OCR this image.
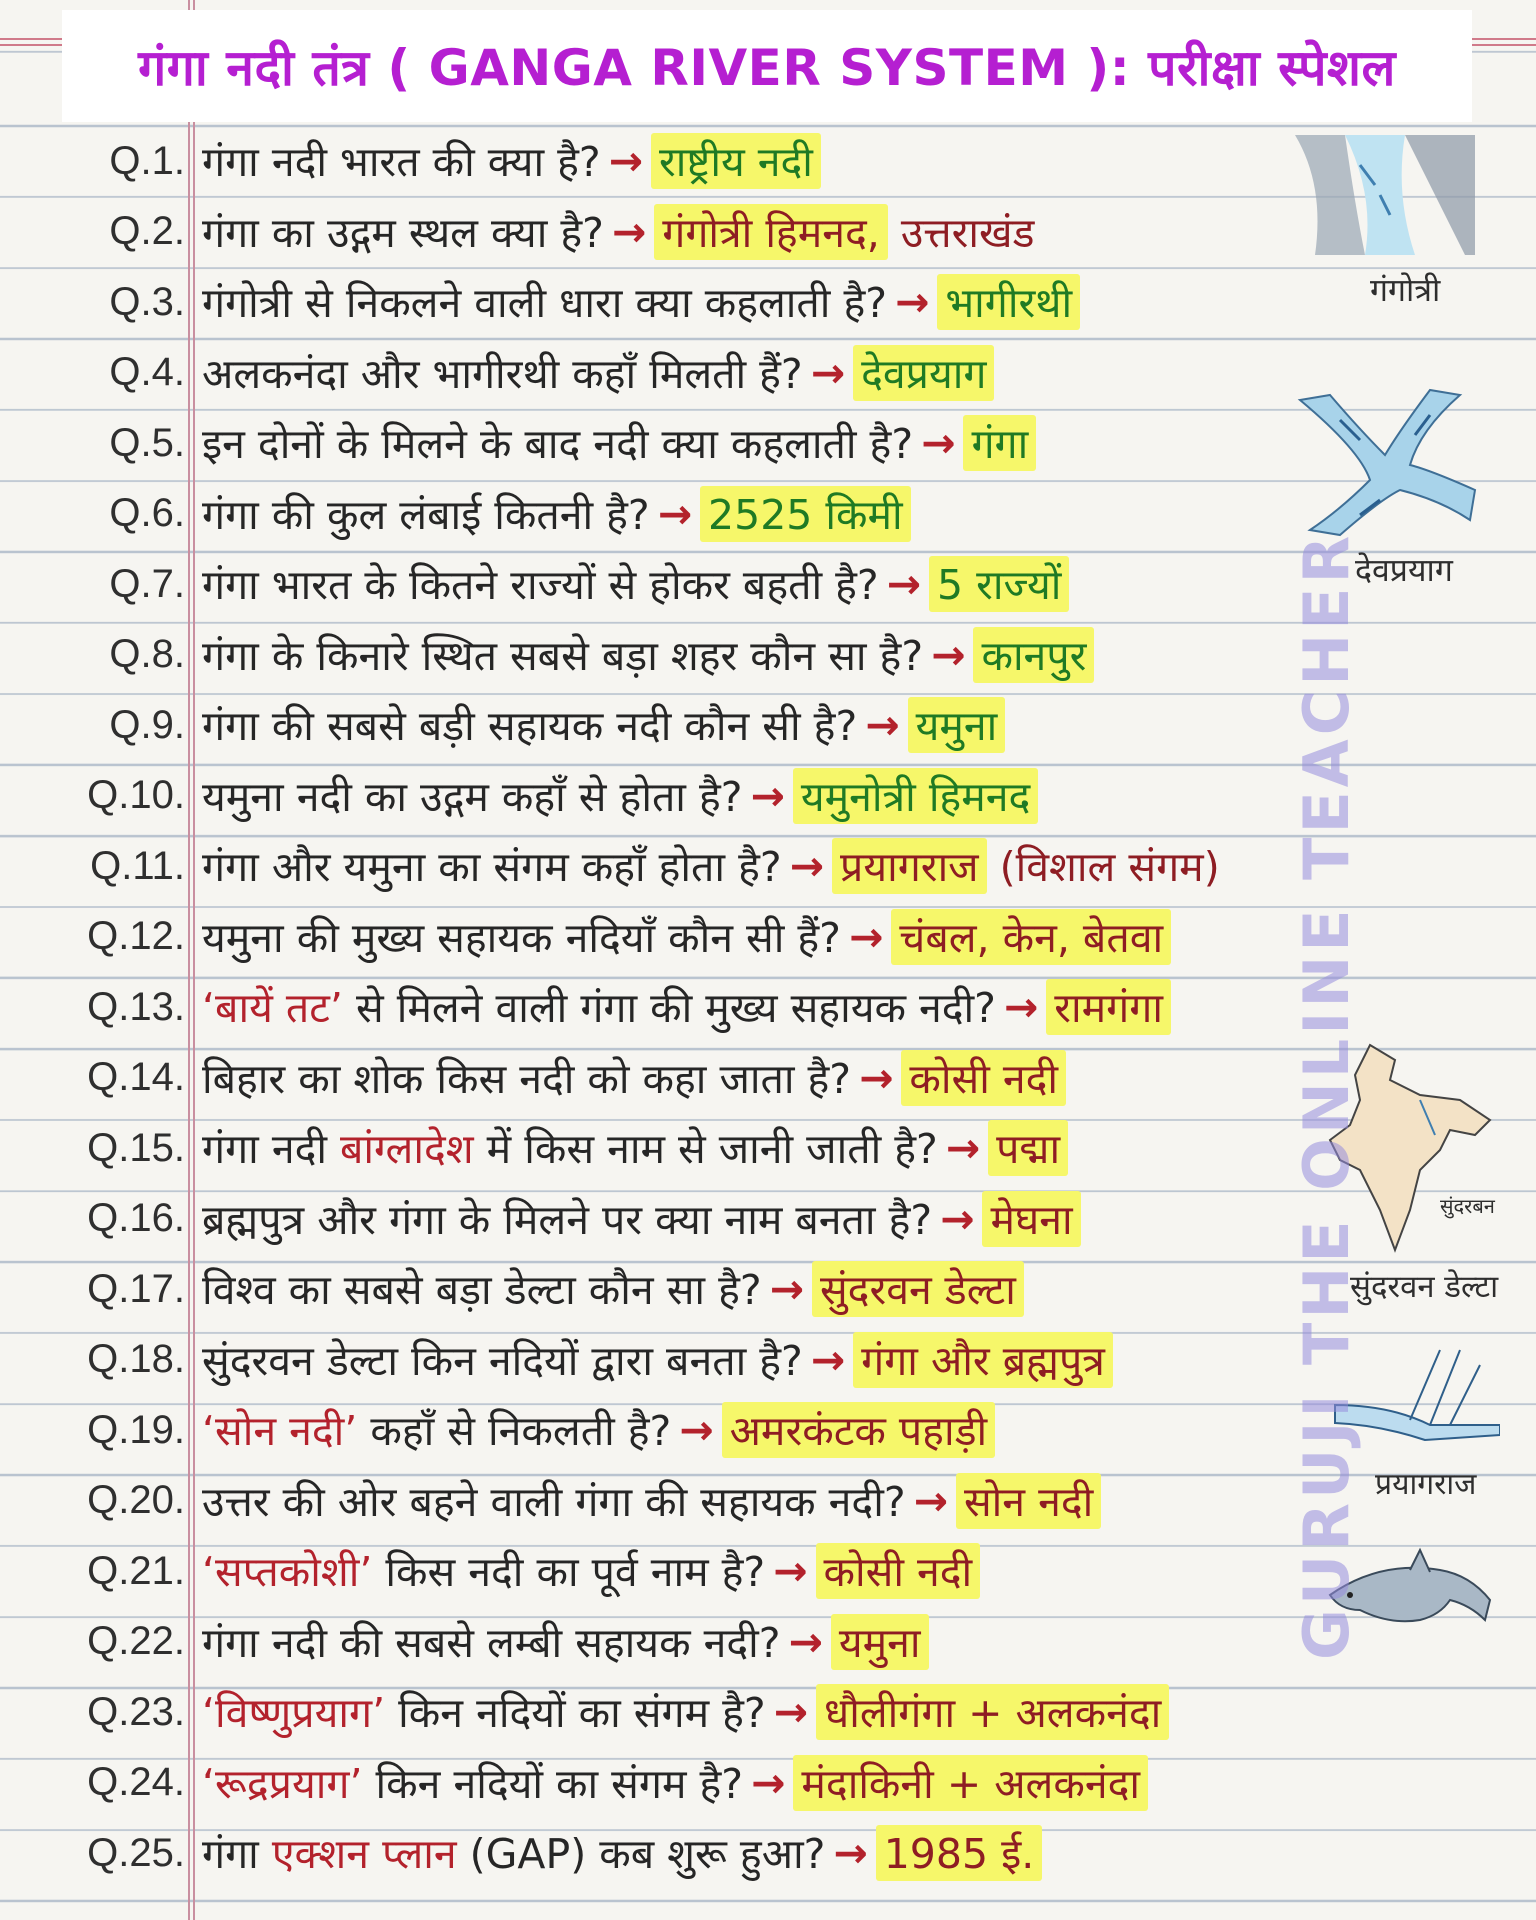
गंगा नदी तंत्र ( GANGA RIVER SYSTEM ): परीक्षा स्पेशल
Q.1. गंगा नदी भारत की क्या है? → राष्ट्रीय नदी
Q.2. गंगा का उद्गम स्थल क्या है? → गंगोत्री हिमनद, उत्तराखंड
Q.3. गंगोत्री से निकलने वाली धारा क्या कहलाती है? → भागीरथी
Q.4. अलकनंदा और भागीरथी कहाँ मिलती हैं? → देवप्रयाग
Q.5. इन दोनों के मिलने के बाद नदी क्या कहलाती है? → गंगा
Q.6. गंगा की कुल लंबाई कितनी है? → 2525 किमी
Q.7. गंगा भारत के कितने राज्यों से होकर बहती है? → 5 राज्यों
Q.8. गंगा के किनारे स्थित सबसे बड़ा शहर कौन सा है? → कानपुर
Q.9. गंगा की सबसे बड़ी सहायक नदी कौन सी है? → यमुना
Q.10. यमुना नदी का उद्गम कहाँ से होता है? → यमुनोत्री हिमनद
Q.11. गंगा और यमुना का संगम कहाँ होता है? → प्रयागराज (विशाल संगम)
Q.12. यमुना की मुख्य सहायक नदियाँ कौन सी हैं? → चंबल, केन, बेतवा
Q.13. ‘बायें तट’ से मिलने वाली गंगा की मुख्य सहायक नदी? → रामगंगा
Q.14. बिहार का शोक किस नदी को कहा जाता है? → कोसी नदी
Q.15. गंगा नदी बांग्लादेश में किस नाम से जानी जाती है? → पद्मा
Q.16. ब्रह्मपुत्र और गंगा के मिलने पर क्या नाम बनता है? → मेघना
Q.17. विश्व का सबसे बड़ा डेल्टा कौन सा है? → सुंदरवन डेल्टा
Q.18. सुंदरवन डेल्टा किन नदियों द्वारा बनता है? → गंगा और ब्रह्मपुत्र
Q.19. ‘सोन नदी’ कहाँ से निकलती है? → अमरकंटक पहाड़ी
Q.20. उत्तर की ओर बहने वाली गंगा की सहायक नदी? → सोन नदी
Q.21. ‘सप्तकोशी’ किस नदी का पूर्व नाम है? → कोसी नदी
Q.22. गंगा नदी की सबसे लम्बी सहायक नदी? → यमुना
Q.23. ‘विष्णुप्रयाग’ किन नदियों का संगम है? → धौलीगंगा + अलकनंदा
Q.24. ‘रूद्रप्रयाग’ किन नदियों का संगम है? → मंदाकिनी + अलकनंदा
Q.25. गंगा एक्शन प्लान (GAP) कब शुरू हुआ? → 1985 ई.
गंगोत्री
देवप्रयाग
सुंदरबन
सुंदरवन डेल्टा
प्रयागराज
GURUJI THE ONLINE TEACHER
